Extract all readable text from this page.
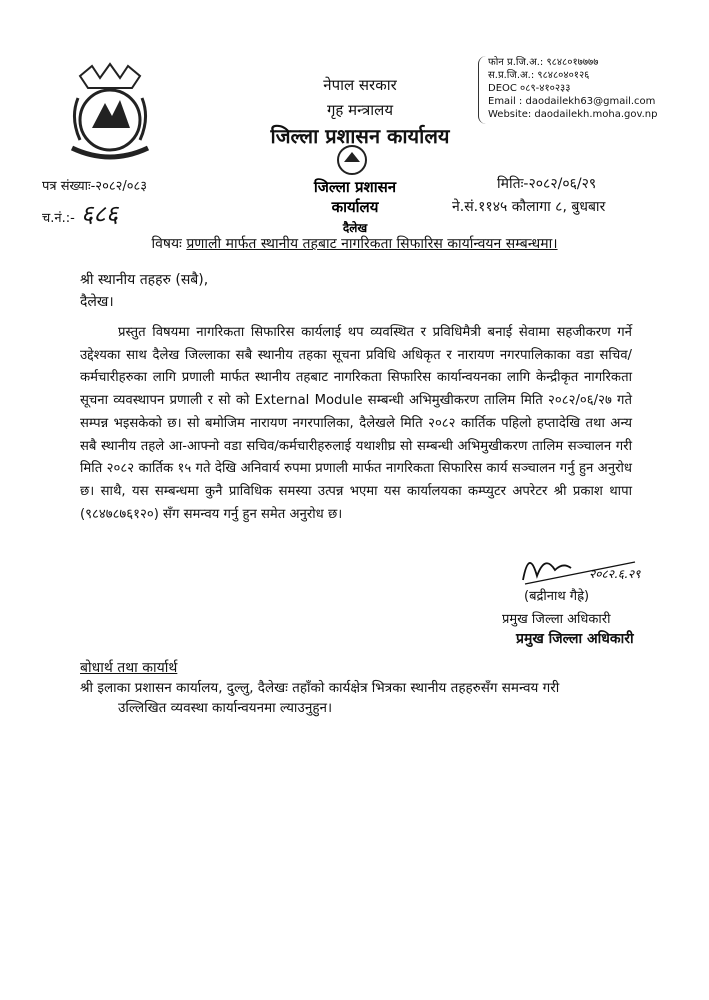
नेपाल सरकार
गृह मन्त्रालय
जिल्ला प्रशासन कार्यालय
फोन प्र.जि.अ.: ९८४८०१७७७७
स.प्र.जि.अ.: ९८४८०४०१२६
DEOC ०८९-४१०२३३
Email : daodailekh63@gmail.com
Website: daodailekh.moha.gov.np
जिल्ला प्रशासन
कार्यालय
दैलेख
पत्र संख्याः-२०८२/०८३
च.नं.:- ६८६
मितिः-२०८२/०६/२९
ने.सं.११४५ कौलागा ८, बुधबार
विषयः प्रणाली मार्फत स्थानीय तहबाट नागरिकता सिफारिस कार्यान्वयन सम्बन्धमा।
श्री स्थानीय तहहरु (सबै),
दैलेख।
प्रस्तुत विषयमा नागरिकता सिफारिस कार्यलाई थप व्यवस्थित र प्रविधिमैत्री बनाई सेवामा सहजीकरण गर्ने उद्देश्यका साथ दैलेख जिल्लाका सबै स्थानीय तहका सूचना प्रविधि अधिकृत र नारायण नगरपालिकाका वडा सचिव/ कर्मचारीहरुका लागि प्रणाली मार्फत स्थानीय तहबाट नागरिकता सिफारिस कार्यान्वयनका लागि केन्द्रीकृत नागरिकता सूचना व्यवस्थापन प्रणाली र सो को External Module सम्बन्धी अभिमुखीकरण तालिम मिति २०८२/०६/२७ गते सम्पन्न भइसकेको छ। सो बमोजिम नारायण नगरपालिका, दैलेखले मिति २०८२ कार्तिक पहिलो हप्तादेखि तथा अन्य सबै स्थानीय तहले आ-आफ्नो वडा सचिव/कर्मचारीहरुलाई यथाशीघ्र सो सम्बन्धी अभिमुखीकरण तालिम सञ्चालन गरी मिति २०८२ कार्तिक १५ गते देखि अनिवार्य रुपमा प्रणाली मार्फत नागरिकता सिफारिस कार्य सञ्चालन गर्नु हुन अनुरोध छ। साथै, यस सम्बन्धमा कुनै प्राविधिक समस्या उत्पन्न भएमा यस कार्यालयका कम्प्युटर अपरेटर श्री प्रकाश थापा (९८४७८७६१२०) सँग समन्वय गर्नु हुन समेत अनुरोध छ।
२०८२.६.२९
(बद्रीनाथ गैह्रे)
प्रमुख जिल्ला अधिकारी
प्रमुख जिल्ला अधिकारी
बोधार्थ तथा कार्यार्थ
श्री इलाका प्रशासन कार्यालय, दुल्लु, दैलेखः तहाँको कार्यक्षेत्र भित्रका स्थानीय तहहरुसँग समन्वय गरी
उल्लिखित व्यवस्था कार्यान्वयनमा ल्याउनुहुन।
